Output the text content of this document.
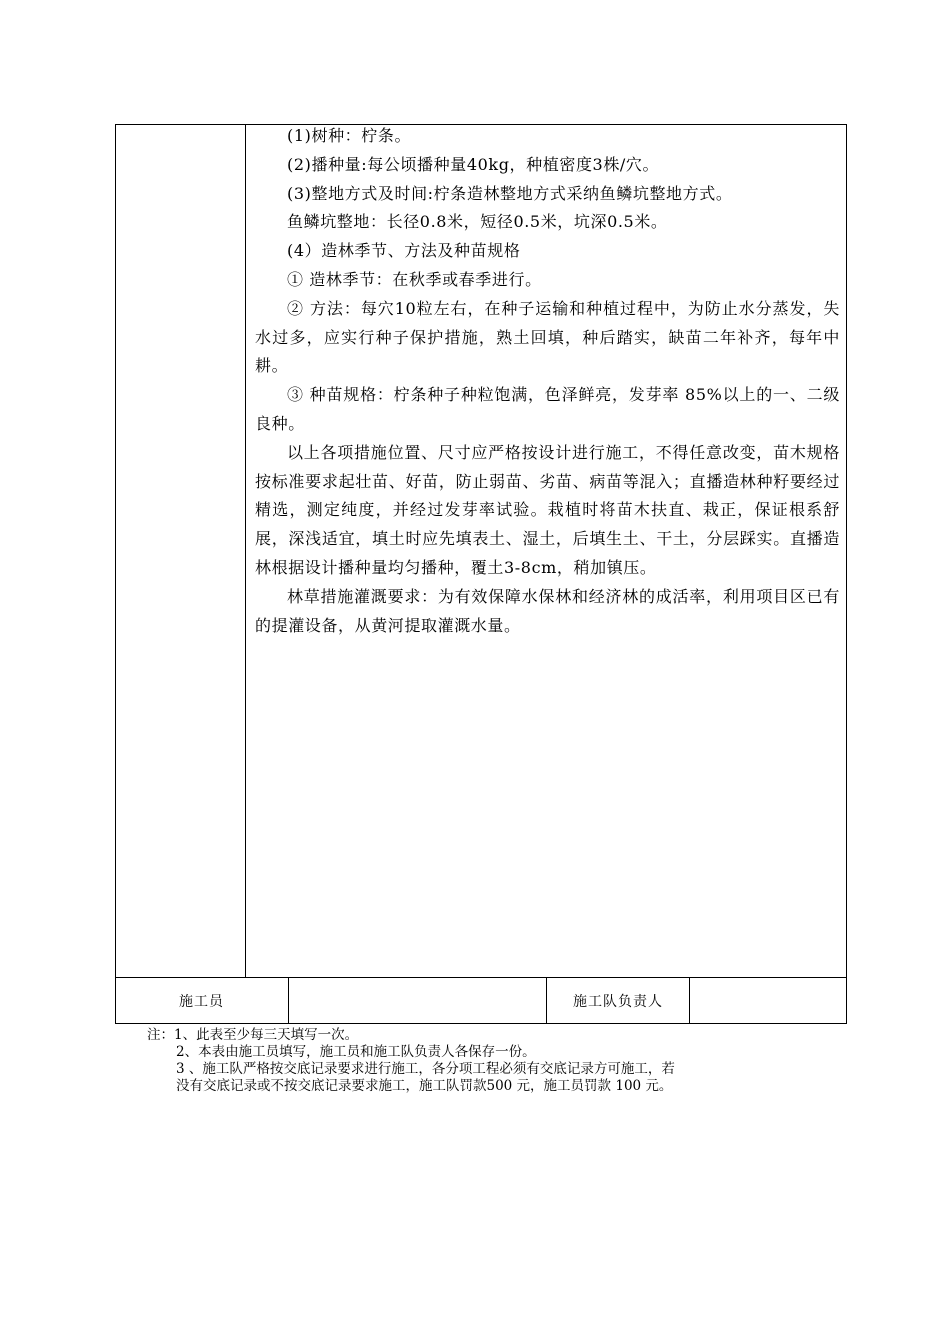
(1)树种：柠条。

(2)播种量:每公顷播种量40kg，种植密度3株/穴。

(3)整地方式及时间:柠条造林整地方式采纳鱼鳞坑整地方式。

鱼鳞坑整地：长径0.8米，短径0.5米，坑深0.5米。

(4）造林季节、方法及种苗规格

① 造林季节：在秋季或春季进行。

② 方法：每穴10粒左右，在种子运输和种植过程中，为防止水分蒸发，失水过多，应实行种子保护措施，熟土回填，种后踏实，缺苗二年补齐，每年中耕。

③ 种苗规格：柠条种子种粒饱满，色泽鲜亮，发芽率 85%以上的一、二级良种。

以上各项措施位置、尺寸应严格按设计进行施工，不得任意改变，苗木规格按标准要求起壮苗、好苗，防止弱苗、劣苗、病苗等混入；直播造林种籽要经过精选，测定纯度，并经过发芽率试验。栽植时将苗木扶直、栽正，保证根系舒展，深浅适宜，填土时应先填表土、湿土，后填生土、干土，分层踩实。直播造林根据设计播种量均匀播种，覆土3-8cm，稍加镇压。

林草措施灌溉要求：为有效保障水保林和经济林的成活率，利用项目区已有的提灌设备，从黄河提取灌溉水量。

施工员	施工队负责人
注：1、此表至少每三天填写一次。
2、本表由施工员填写，施工员和施工队负责人各保存一份。
3 、施工队严格按交底记录要求进行施工，各分项工程必须有交底记录方可施工，若
没有交底记录或不按交底记录要求施工，施工队罚款500 元，施工员罚款 100 元。
